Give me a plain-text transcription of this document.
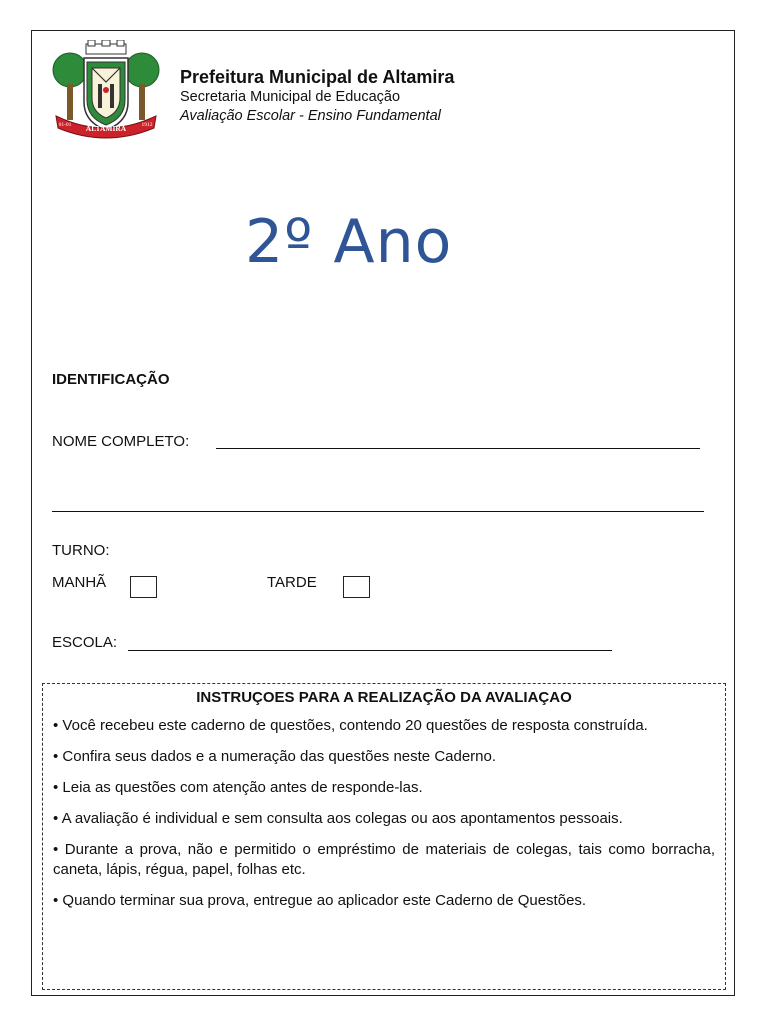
ALTAMIRA
01-01	1912
Prefeitura Municipal de Altamira
Secretaria Municipal de Educação
Avaliação Escolar - Ensino Fundamental
2º Ano
IDENTIFICAÇÃO
NOME COMPLETO:
TURNO:
MANHÃ	TARDE
ESCOLA:
INSTRUÇOES PARA A REALIZAÇÃO DA AVALIAÇAO
• Você recebeu este caderno de questões, contendo 20 questões de resposta construída.
• Confira seus dados e a numeração das questões neste Caderno.
• Leia as questões com atenção antes de responde-las.
• A avaliação é individual e sem consulta aos colegas ou aos apontamentos pessoais.
• Durante a prova, não e permitido o empréstimo de materiais de colegas, tais como borracha, caneta, lápis, régua, papel, folhas etc.
• Quando terminar sua prova, entregue ao aplicador este Caderno de Questões.
